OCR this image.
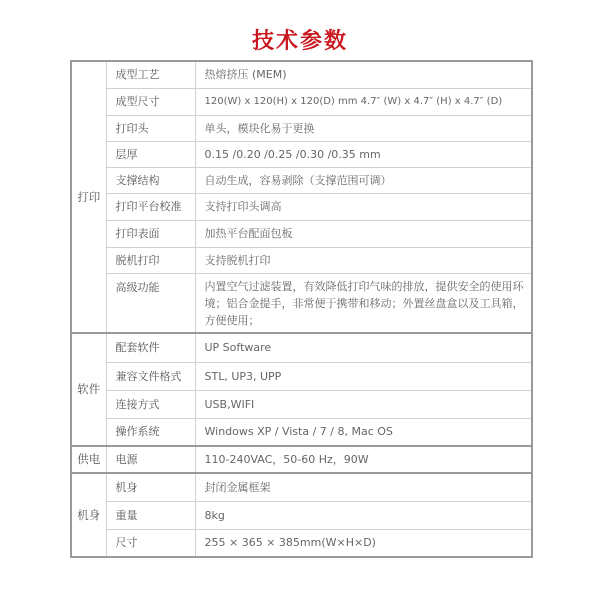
技术参数
打印	成型工艺	热熔挤压 (MEM)
	成型尺寸	120(W) x 120(H) x 120(D) mm 4.7″ (W) x 4.7″ (H) x 4.7″ (D)
	打印头	单头，模块化易于更换
	层厚	0.15 /0.20 /0.25 /0.30 /0.35 mm
	支撑结构	自动生成，容易剥除（支撑范围可调）
	打印平台校准	支持打印头调高
	打印表面	加热平台配面包板
	脱机打印	支持脱机打印
	高级功能	内置空气过滤装置，有效降低打印气味的排放，提供安全的使用环境；铝合金提手，非常便于携带和移动；外置丝盘盒以及工具箱，方便使用；
软件	配套软件	UP Software
	兼容文件格式	STL, UP3, UPP
	连接方式	USB,WIFI
	操作系统	Windows XP / Vista / 7 / 8, Mac OS
供电	电源	110-240VAC，50-60 Hz，90W
机身	机身	封闭金属框架
	重量	8kg
	尺寸	255 × 365 × 385mm(W×H×D)
